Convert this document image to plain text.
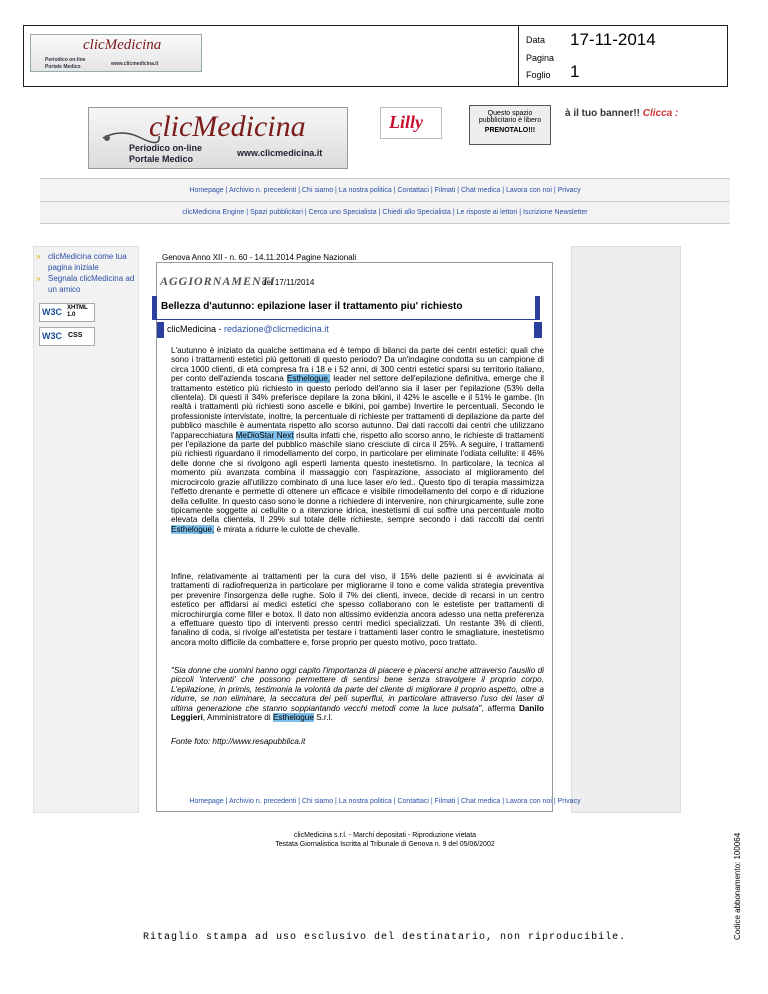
clicMedicina
Periodico on-line
Portale Medico	www.clicmedicina.it
Data 17-11-2014
Pagina
Foglio 1
clicMedicina
Periodico on-line
Portale Medico
www.clicmedicina.it
Lilly	Questo spazio
pubblicitario è libero
PRENOTALO!!!
à il tuo banner!! Clicca :
Homepage | Archivio n. precedenti | Chi siamo | La nostra politica | Contattaci | Filmati | Chat medica | Lavora con noi | Privacy
clicMedicina Engine | Spazi pubblicitari | Cerca uno Specialista | Chiedi allo Specialista | Le risposte ai lettori | Iscrizione Newsletter
» clicMedicina come tua pagina iniziale
» Segnala clicMedicina ad un amico
W3C XHTML 1.0
W3C CSS
Genova Anno XII - n. 60 - 14.11.2014 Pagine Nazionali
AGGIORNAMENTI
del 17/11/2014
Bellezza d'autunno: epilazione laser il trattamento piu' richiesto
clicMedicina - redazione@clicmedicina.it
L'autunno è iniziato da qualche settimana ed è tempo di bilanci da parte dei centri estetici: quali che sono i trattamenti estetici più gettonati di questo periodo? Da un'indagine condotta su un campione di circa 1000 clienti, di età compresa fra i 18 e i 52 anni, di 300 centri estetici sparsi su territorio italiano, per conto dell'azienda toscana Esthelogue, leader nel settore dell'epilazione definitiva, emerge che il trattamento estetico più richiesto in questo periodo dell'anno sia il laser per l'epilazione (53% della clientela). Di questi il 34% preferisce depilare la zona bikini, il 42% le ascelle e il 51% le gambe. (In realtà i trattamenti più richiesti sono ascelle e bikini, poi gambe) Invertire le percentuali. Secondo le professioniste intervistate, inoltre, la percentuale di richieste per trattamenti di depilazione da parte del pubblico maschile è aumentata rispetto allo scorso autunno. Dai dati raccolti dai centri che utilizzano l'apparecchiatura MeDioStar Next risulta infatti che, rispetto allo scorso anno, le richieste di trattamenti per l'epilazione da parte del pubblico maschile siano cresciute di circa il 25%. A seguire, i trattamenti più richiesti riguardano il rimodellamento del corpo, in particolare per eliminate l'odiata cellulite: il 46% delle donne che si rivolgono agli esperti lamenta questo inestetismo. In particolare, la tecnica al momento più avanzata combina il massaggio con l'aspirazione, associato al miglioramento del microcircolo grazie all'utilizzo combinato di una luce laser e/o led.. Questo tipo di terapia massimizza l'effetto drenante e permette di ottenere un efficace e visibile rimodellamento del corpo e di riduzione della cellulite. In questo caso sono le donne a richiedere di intervenire, non chirurgicamente, sulle zone tipicamente soggette ai cellulite o a ritenzione idrica, inestetismi di cui soffre una percentuale molto elevata della clientela. Il 29% sul totale delle richieste, sempre secondo i dati raccolti dai centri Esthelogue, è mirata a ridurre le culotte de chevalle.
Infine, relativamente ai trattamenti per la cura del viso, il 15% delle pazienti si è avvicinata ai trattamenti di radiofrequenza in particolare per migliorarne il tono e come valida strategia preventiva per prevenire l'insorgenza delle rughe. Solo il 7% dei clienti, invece, decide di recarsi in un centro estetico per affidarsi ai medici estetici che spesso collaborano con le estetiste per trattamenti di microchirurgia come filler e botox. Il dato non altissimo evidenzia ancora adesso una netta preferenza a effettuare questo tipo di interventi presso centri medici specializzati. Un restante 3% di clienti, fanalino di coda, si rivolge all'estetista per testare i trattamenti laser contro le smagliature, inestetismo ancora molto difficile da combattere e, forse proprio per questo motivo, poco trattato.
"Sia donne che uomini hanno oggi capito l'importanza di piacere e piacersi anche attraverso l'ausilio di piccoli 'interventi' che possono permettere di sentirsi bene senza stravolgere il proprio corpo. L'epilazione, in primis, testimonia la volontà da parte del cliente di migliorare il proprio aspetto, oltre a ridurre, se non eliminare, la seccatura dei peli superflui, in particolare attraverso l'uso dei laser di ultima generazione che stanno soppiantando vecchi metodi come la luce pulsata", afferma Danilo Leggieri, Amministratore di Esthelogue S.r.l.
Fonte foto: http://www.resapubblica.it
Homepage | Archivio n. precedenti | Chi siamo | La nostra politica | Contattaci | Filmati | Chat medica | Lavora con noi | Privacy
clicMedicina s.r.l. - Marchi depositati - Riproduzione vietata
Testata Giornalistica Iscritta al Tribunale di Genova n. 9 del 05/06/2002
Ritaglio stampa ad uso esclusivo del destinatario, non riproducibile.	Codice abbonamento: 100064
